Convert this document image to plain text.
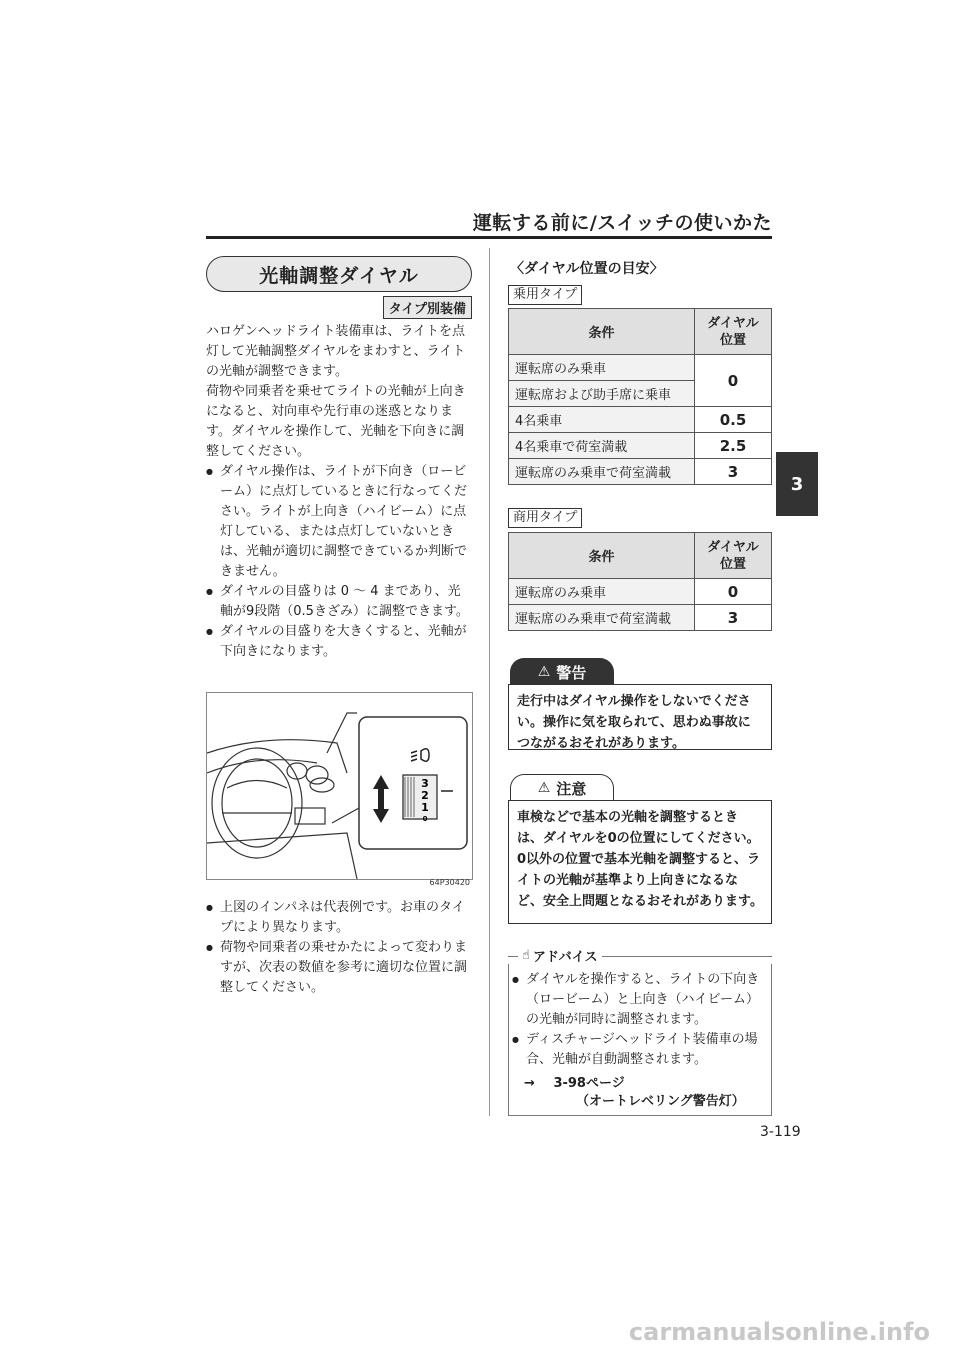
運転する前に/スイッチの使いかた
3
光軸調整ダイヤル
タイプ別装備
ハロゲンヘッドライト装備車は、ライトを点灯して光軸調整ダイヤルをまわすと、ライトの光軸が調整できます。
荷物や同乗者を乗せてライトの光軸が上向きになると、対向車や先行車の迷惑となります。ダイヤルを操作して、光軸を下向きに調整してください。
● ダイヤル操作は、ライトが下向き（ロービーム）に点灯しているときに行なってください。ライトが上向き（ハイビーム）に点灯している、または点灯していないときは、光軸が適切に調整できているか判断できません。
● ダイヤルの目盛りは 0 ～ 4 まであり、光軸が9段階（0.5きざみ）に調整できます。
● ダイヤルの目盛りを大きくすると、光軸が下向きになります。
3
2
1
0
64P30420
● 上図のインパネは代表例です。お車のタイプにより異なります。
● 荷物や同乗者の乗せかたによって変わりますが、次表の数値を参考に適切な位置に調整してください。
〈ダイヤル位置の目安〉
乗用タイプ
条件	ダイヤル
位置
運転席のみ乗車	0
運転席および助手席に乗車	
4名乗車	0.5
4名乗車で荷室満載	2.5
運転席のみ乗車で荷室満載	3
商用タイプ
条件	ダイヤル
位置
運転席のみ乗車	0
運転席のみ乗車で荷室満載	3
⚠ 警告
走行中はダイヤル操作をしないでください。操作に気を取られて、思わぬ事故につながるおそれがあります。
⚠ 注意
車検などで基本の光軸を調整するときは、ダイヤルを0の位置にしてください。0以外の位置で基本光軸を調整すると、ライトの光軸が基準より上向きになるなど、安全上問題となるおそれがあります。
☝ アドバイス
● ダイヤルを操作すると、ライトの下向き（ロービーム）と上向き（ハイビーム）の光軸が同時に調整されます。
● ディスチャージヘッドライト装備車の場合、光軸が自動調整されます。
→ 3-98ページ
（オートレベリング警告灯）
3-119
carmanualsonline.info
